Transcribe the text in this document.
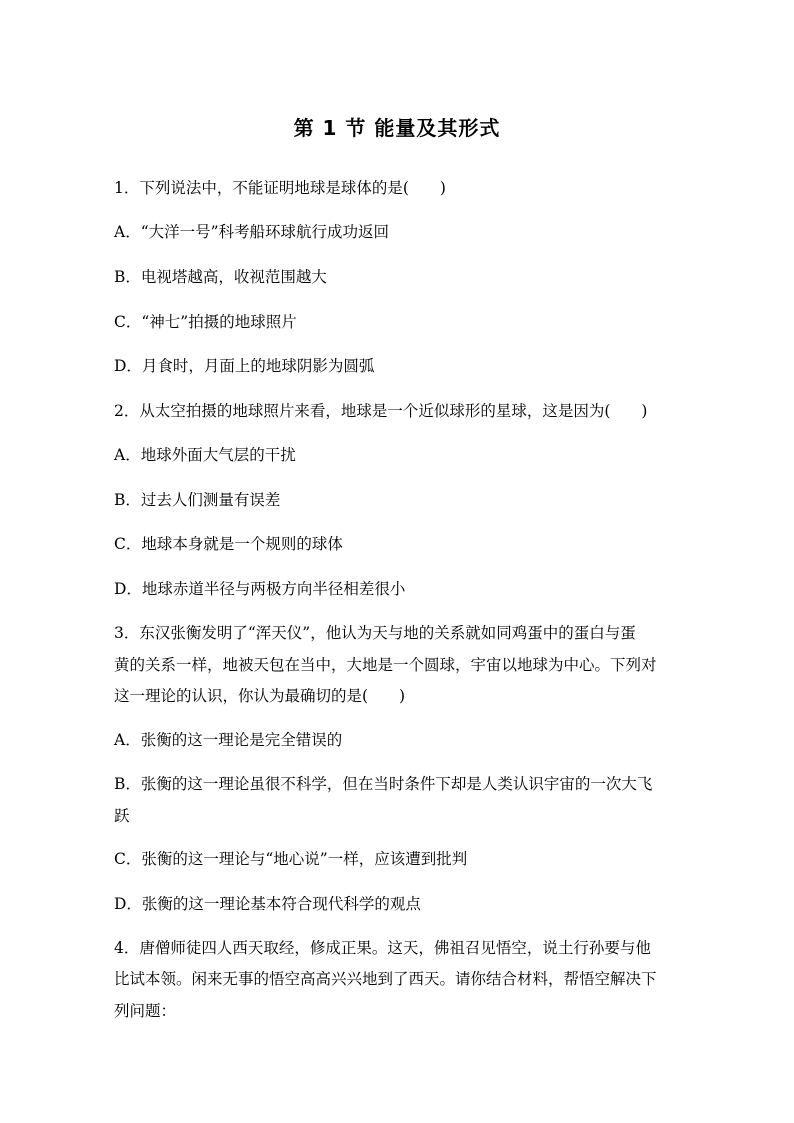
第 1 节 能量及其形式
1．下列说法中，不能证明地球是球体的是(　　)
A．“大洋一号”科考船环球航行成功返回
B．电视塔越高，收视范围越大
C．“神七”拍摄的地球照片
D．月食时，月面上的地球阴影为圆弧
2．从太空拍摄的地球照片来看，地球是一个近似球形的星球，这是因为(　　)
A．地球外面大气层的干扰
B．过去人们测量有误差
C．地球本身就是一个规则的球体
D．地球赤道半径与两极方向半径相差很小
3．东汉张衡发明了“浑天仪”，他认为天与地的关系就如同鸡蛋中的蛋白与蛋
黄的关系一样，地被天包在当中，大地是一个圆球，宇宙以地球为中心。下列对
这一理论的认识，你认为最确切的是(　　)
A．张衡的这一理论是完全错误的
B．张衡的这一理论虽很不科学，但在当时条件下却是人类认识宇宙的一次大飞
跃
C．张衡的这一理论与“地心说”一样，应该遭到批判
D．张衡的这一理论基本符合现代科学的观点
4．唐僧师徒四人西天取经，修成正果。这天，佛祖召见悟空，说土行孙要与他
比试本领。闲来无事的悟空高高兴兴地到了西天。请你结合材料，帮悟空解决下
列问题：
